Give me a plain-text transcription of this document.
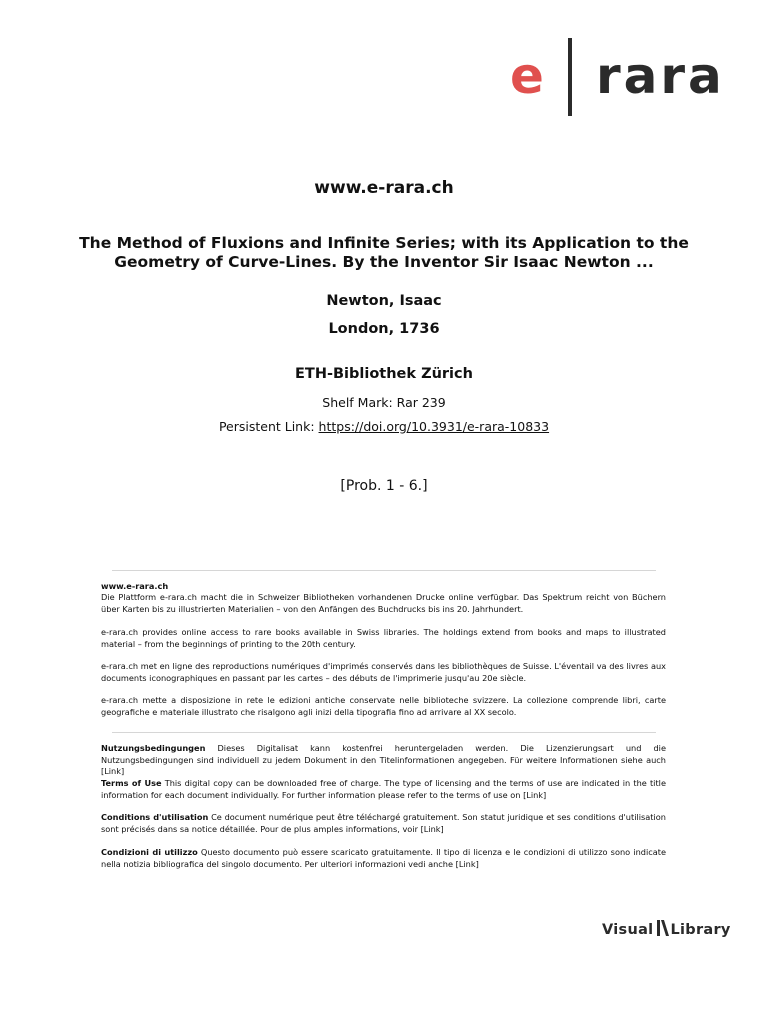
e rara
www.e-rara.ch
The Method of Fluxions and Infinite Series; with its Application to the Geometry of Curve-Lines. By the Inventor Sir Isaac Newton ...
Newton, Isaac
London, 1736
ETH-Bibliothek Zürich
Shelf Mark: Rar 239
Persistent Link: https://doi.org/10.3931/e-rara-10833
[Prob. 1 - 6.]
www.e-rara.ch
Die Plattform e-rara.ch macht die in Schweizer Bibliotheken vorhandenen Drucke online verfügbar. Das Spektrum reicht von Büchern über Karten bis zu illustrierten Materialien – von den Anfängen des Buchdrucks bis ins 20. Jahrhundert.
e-rara.ch provides online access to rare books available in Swiss libraries. The holdings extend from books and maps to illustrated material – from the beginnings of printing to the 20th century.
e-rara.ch met en ligne des reproductions numériques d'imprimés conservés dans les bibliothèques de Suisse. L'éventail va des livres aux documents iconographiques en passant par les cartes – des débuts de l'imprimerie jusqu'au 20e siècle.
e-rara.ch mette a disposizione in rete le edizioni antiche conservate nelle biblioteche svizzere. La collezione comprende libri, carte geografiche e materiale illustrato che risalgono agli inizi della tipografia fino ad arrivare al XX secolo.
Nutzungsbedingungen Dieses Digitalisat kann kostenfrei heruntergeladen werden. Die Lizenzierungsart und die Nutzungsbedingungen sind individuell zu jedem Dokument in den Titelinformationen angegeben. Für weitere Informationen siehe auch [Link]
Terms of Use This digital copy can be downloaded free of charge. The type of licensing and the terms of use are indicated in the title information for each document individually. For further information please refer to the terms of use on [Link]
Conditions d'utilisation Ce document numérique peut être téléchargé gratuitement. Son statut juridique et ses conditions d'utilisation sont précisés dans sa notice détaillée. Pour de plus amples informations, voir [Link]
Condizioni di utilizzo Questo documento può essere scaricato gratuitamente. Il tipo di licenza e le condizioni di utilizzo sono indicate nella notizia bibliografica del singolo documento. Per ulteriori informazioni vedi anche [Link]
Visual Library
